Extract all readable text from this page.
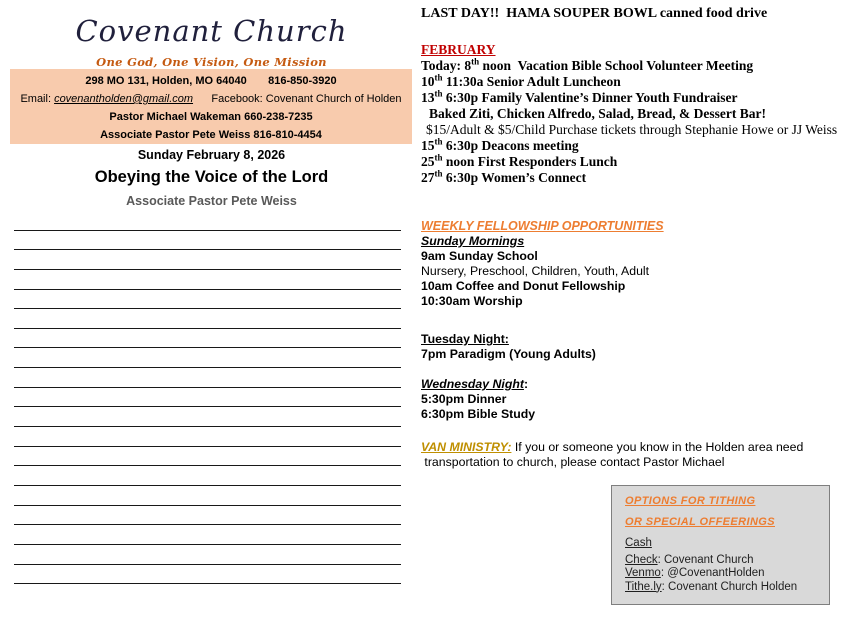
Covenant Church
One God, One Vision, One Mission
298 MO 131, Holden, MO 64040       816-850-3920
Email: covenantholden@gmail.com      Facebook: Covenant Church of Holden
Pastor Michael Wakeman 660-238-7235
Associate Pastor Pete Weiss 816-810-4454
Sunday February 8, 2026
Obeying the Voice of the Lord
Associate Pastor Pete Weiss
LAST DAY!!  HAMA SOUPER BOWL canned food drive
FEBRUARY
Today: 8th noon  Vacation Bible School Volunteer Meeting
10th 11:30a Senior Adult Luncheon
13th 6:30p Family Valentine’s Dinner Youth Fundraiser
Baked Ziti, Chicken Alfredo, Salad, Bread, & Dessert Bar!
$15/Adult & $5/Child Purchase tickets through Stephanie Howe or JJ Weiss
15th 6:30p Deacons meeting
25th noon First Responders Lunch
27th 6:30p Women’s Connect
WEEKLY FELLOWSHIP OPPORTUNITIES
Sunday Mornings
9am Sunday School
Nursery, Preschool, Children, Youth, Adult
10am Coffee and Donut Fellowship
10:30am Worship
Tuesday Night:
7pm Paradigm (Young Adults)
Wednesday Night:
5:30pm Dinner
6:30pm Bible Study
VAN MINISTRY: If you or someone you know in the Holden area need
transportation to church, please contact Pastor Michael
OPTIONS FOR TITHING
OR SPECIAL OFFEERINGS
Cash
Check: Covenant Church
Venmo: @CovenantHolden
Tithe.ly: Covenant Church Holden
